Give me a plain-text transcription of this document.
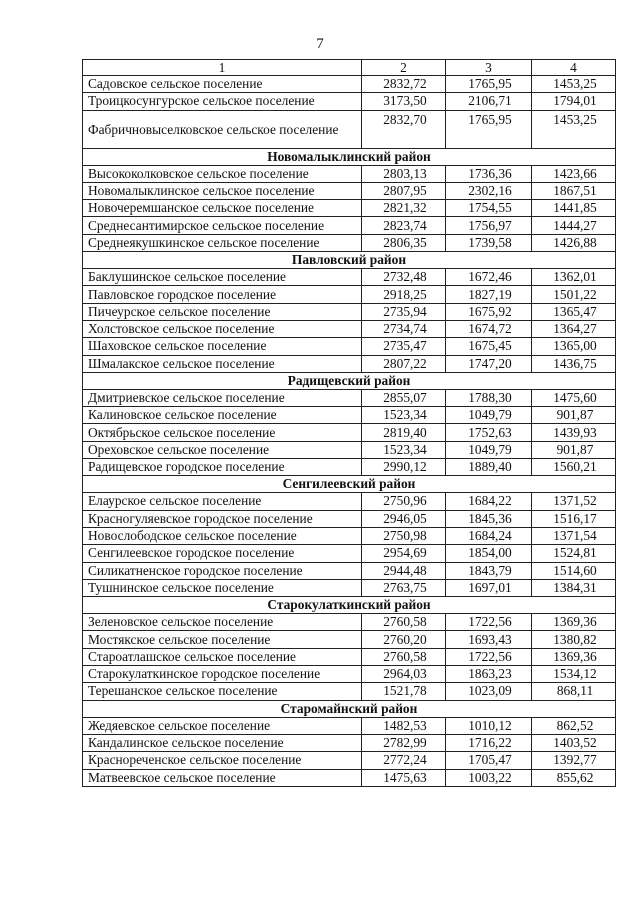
7
1	2	3	4
Садовское сельское поселение	2832,72	1765,95	1453,25
Троицкосунгурское сельское поселение	3173,50	2106,71	1794,01
Фабричновыселковское сельское поселение	2832,70	1765,95	1453,25
Новомалыклинский район			
Высококолковское сельское поселение	2803,13	1736,36	1423,66
Новомалыклинское сельское поселение	2807,95	2302,16	1867,51
Новочеремшанское сельское поселение	2821,32	1754,55	1441,85
Среднесантимирское сельское поселение	2823,74	1756,97	1444,27
Среднеякушкинское сельское поселение	2806,35	1739,58	1426,88
Павловский район			
Баклушинское сельское поселение	2732,48	1672,46	1362,01
Павловское городское поселение	2918,25	1827,19	1501,22
Пичеурское сельское поселение	2735,94	1675,92	1365,47
Холстовское сельское поселение	2734,74	1674,72	1364,27
Шаховское сельское поселение	2735,47	1675,45	1365,00
Шмалакское сельское поселение	2807,22	1747,20	1436,75
Радищевский район			
Дмитриевское сельское поселение	2855,07	1788,30	1475,60
Калиновское сельское поселение	1523,34	1049,79	901,87
Октябрьское сельское поселение	2819,40	1752,63	1439,93
Ореховское сельское поселение	1523,34	1049,79	901,87
Радищевское городское поселение	2990,12	1889,40	1560,21
Сенгилеевский район			
Елаурское сельское поселение	2750,96	1684,22	1371,52
Красногуляевское городское поселение	2946,05	1845,36	1516,17
Новослободское сельское поселение	2750,98	1684,24	1371,54
Сенгилеевское городское поселение	2954,69	1854,00	1524,81
Силикатненское городское поселение	2944,48	1843,79	1514,60
Тушнинское сельское поселение	2763,75	1697,01	1384,31
Старокулаткинский район			
Зеленовское сельское поселение	2760,58	1722,56	1369,36
Мостякское сельское поселение	2760,20	1693,43	1380,82
Староатлашское сельское поселение	2760,58	1722,56	1369,36
Старокулаткинское городское поселение	2964,03	1863,23	1534,12
Терешанское сельское поселение	1521,78	1023,09	868,11
Старомайнский район			
Жедяевское сельское поселение	1482,53	1010,12	862,52
Кандалинское сельское поселение	2782,99	1716,22	1403,52
Краснореченское сельское поселение	2772,24	1705,47	1392,77
Матвеевское сельское поселение	1475,63	1003,22	855,62
